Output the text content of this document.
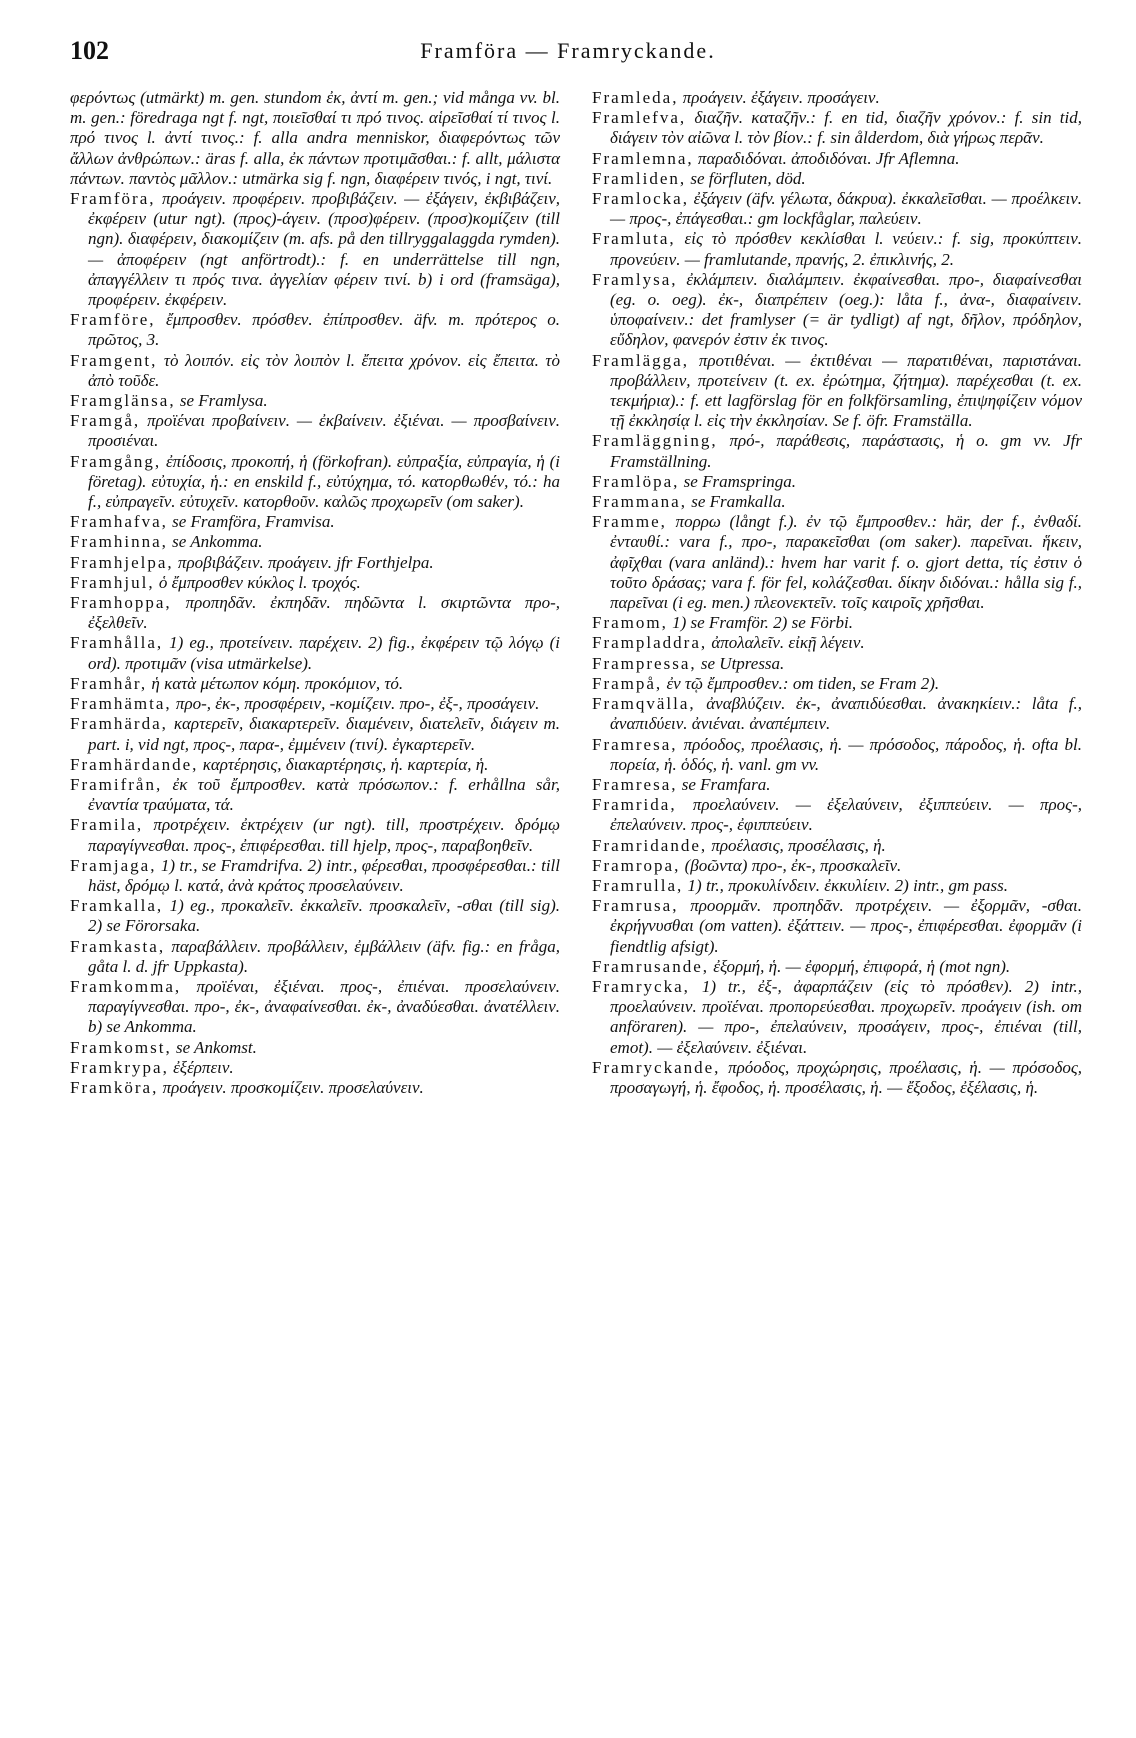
102	Framföra — Framryckande.

φερόντως (utmärkt) m. gen. stundom ἐκ, ἀντί m. gen.; vid många vv. bl. m. gen.: föredraga ngt f. ngt, ποιεῖσθαί τι πρό τινος. αἱρεῖσθαί τί τινος l. πρό τινος l. ἀντί τινος.: f. alla andra menniskor, διαφερόντως τῶν ἄλλων ἀνθρώπων.: äras f. alla, ἐκ πάντων προτιμᾶσθαι.: f. allt, μάλιστα πάντων. παντὸς μᾶλλον.: utmärka sig f. ngn, διαφέρειν τινός, i ngt, τινί.

Framföra, προάγειν. προφέρειν. προβιβάζειν. — ἐξάγειν, ἐκβιβάζειν, ἐκφέρειν (utur ngt). (προς)-άγειν. (προσ)φέρειν. (προσ)κομίζειν (till ngn). διαφέρειν, διακομίζειν (m. afs. på den tillryggalaggda rymden). — ἀποφέρειν (ngt anförtrodt).: f. en underrättelse till ngn, ἀπαγγέλλειν τι πρός τινα. ἀγγελίαν φέρειν τινί. b) i ord (framsäga), προφέρειν. ἐκφέρειν.

Framföre, ἔμπροσθεν. πρόσθεν. ἐπίπροσθεν. äfv. m. πρότερος o. πρῶτος, 3.

Framgent, τὸ λοιπόν. εἰς τὸν λοιπὸν l. ἔπειτα χρόνον. εἰς ἔπειτα. τὸ ἀπὸ τοῦδε.

Framglänsa, se Framlysa.

Framgå, προϊέναι προβαίνειν. — ἐκβαίνειν. ἐξιέναι. — προσβαίνειν. προσιέναι.

Framgång, ἐπίδοσις, προκοπή, ἡ (förkofran). εὐπραξία, εὐπραγία, ἡ (i företag). εὐτυχία, ἡ.: en enskild f., εὐτύχημα, τό. κατορθωθέν, τό.: ha f., εὐπραγεῖν. εὐτυχεῖν. κατορθοῦν. καλῶς προχωρεῖν (om saker).

Framhafva, se Framföra, Framvisa.

Framhinna, se Ankomma.

Framhjelpa, προβιβάζειν. προάγειν. jfr Forthjelpa.

Framhjul, ὁ ἔμπροσθεν κύκλος l. τροχός.

Framhoppa, προπηδᾶν. ἐκπηδᾶν. πηδῶντα l. σκιρτῶντα προ-, ἐξελθεῖν.

Framhålla, 1) eg., προτείνειν. παρέχειν. 2) fig., ἐκφέρειν τῷ λόγῳ (i ord). προτιμᾶν (visa utmärkelse).

Framhår, ἡ κατὰ μέτωπον κόμη. προκόμιον, τό.

Framhämta, προ-, ἐκ-, προσφέρειν, -κομίζειν. προ-, ἐξ-, προσάγειν.

Framhärda, καρτερεῖν, διακαρτερεῖν. διαμένειν, διατελεῖν, διάγειν m. part. i, vid ngt, προς-, παρα-, ἐμμένειν (τινί). ἐγκαρτερεῖν.

Framhärdande, καρτέρησις, διακαρτέρησις, ἡ. καρτερία, ἡ.

Framifrån, ἐκ τοῦ ἔμπροσθεν. κατὰ πρόσωπον.: f. erhållna sår, ἐναντία τραύματα, τά.

Framila, προτρέχειν. ἐκτρέχειν (ur ngt). till, προστρέχειν. δρόμῳ παραγίγνεσθαι. προς-, ἐπιφέρεσθαι. till hjelp, προς-, παραβοηθεῖν.

Framjaga, 1) tr., se Framdrifva. 2) intr., φέρεσθαι, προσφέρεσθαι.: till häst, δρόμῳ l. κατά, ἀνὰ κράτος προσελαύνειν.

Framkalla, 1) eg., προκαλεῖν. ἐκκαλεῖν. προσκαλεῖν, -σθαι (till sig). 2) se Förorsaka.

Framkasta, παραβάλλειν. προβάλλειν, ἐμβάλλειν (äfv. fig.: en fråga, gåta l. d. jfr Uppkasta).

Framkomma, προϊέναι, ἐξιέναι. προς-, ἐπιέναι. προσελαύνειν. παραγίγνεσθαι. προ-, ἐκ-, ἀναφαίνεσθαι. ἐκ-, ἀναδύεσθαι. ἀνατέλλειν. b) se Ankomma.

Framkomst, se Ankomst.

Framkrypa, ἐξέρπειν.

Framköra, προάγειν. προσκομίζειν. προσελαύνειν.

Framleda, προάγειν. ἐξάγειν. προσάγειν.

Framlefva, διαζῆν. καταζῆν.: f. en tid, διαζῆν χρόνον.: f. sin tid, διάγειν τὸν αἰῶνα l. τὸν βίον.: f. sin ålderdom, διὰ γήρως περᾶν.

Framlemna, παραδιδόναι. ἀποδιδόναι. Jfr Aflemna.

Framliden, se förfluten, död.

Framlocka, ἐξάγειν (äfv. γέλωτα, δάκρυα). ἐκκαλεῖσθαι. — προέλκειν. — προς-, ἐπάγεσθαι.: gm lockfåglar, παλεύειν.

Framluta, εἰς τὸ πρόσθεν κεκλίσθαι l. νεύειν.: f. sig, προκύπτειν. προνεύειν. — framlutande, πρανής, 2. ἐπικλινής, 2.

Framlysa, ἐκλάμπειν. διαλάμπειν. ἐκφαίνεσθαι. προ-, διαφαίνεσθαι (eg. o. oeg). ἐκ-, διαπρέπειν (oeg.): låta f., ἀνα-, διαφαίνειν. ὑποφαίνειν.: det framlyser (= är tydligt) af ngt, δῆλον, πρόδηλον, εὔδηλον, φανερόν ἐστιν ἐκ τινος.

Framlägga, προτιθέναι. — ἐκτιθέναι — παρατιθέναι, παριστάναι. προβάλλειν, προτείνειν (t. ex. ἐρώτημα, ζήτημα). παρέχεσθαι (t. ex. τεκμήρια).: f. ett lagförslag för en folkförsamling, ἐπιψηφίζειν νόμον τῇ ἐκκλησίᾳ l. εἰς τὴν ἐκκλησίαν. Se f. öfr. Framställa.

Framläggning, πρό-, παράθεσις, παράστασις, ἡ o. gm vv. Jfr Framställning.

Framlöpa, se Framspringa.

Frammana, se Framkalla.

Framme, πορρω (långt f.). ἐν τῷ ἔμπροσθεν.: här, der f., ἐνθαδί. ἐνταυθί.: vara f., προ-, παρακεῖσθαι (om saker). παρεῖναι. ἥκειν, ἀφῖχθαι (vara anländ).: hvem har varit f. o. gjort detta, τίς ἐστιν ὁ τοῦτο δράσας; vara f. för fel, κολάζεσθαι. δίκην διδόναι.: hålla sig f., παρεῖναι (i eg. men.) πλεονεκτεῖν. τοῖς καιροῖς χρῆσθαι.

Framom, 1) se Framför. 2) se Förbi.

Frampladdra, ἀπολαλεῖν. εἰκῇ λέγειν.

Frampressa, se Utpressa.

Frampå, ἐν τῷ ἔμπροσθεν.: om tiden, se Fram 2).

Framqvälla, ἀναβλύζειν. ἐκ-, ἀναπιδύεσθαι. ἀνακηκίειν.: låta f., ἀναπιδύειν. ἀνιέναι. ἀναπέμπειν.

Framresa, πρόοδος, προέλασις, ἡ. — πρόσοδος, πάροδος, ἡ. ofta bl. πορεία, ἡ. ὁδός, ἡ. vanl. gm vv.

Framresa, se Framfara.

Framrida, προελαύνειν. — ἐξελαύνειν, ἐξιππεύειν. — προς-, ἐπελαύνειν. προς-, ἐφιππεύειν.

Framridande, προέλασις, προσέλασις, ἡ.

Framropa, (βοῶντα) προ-, ἐκ-, προσκαλεῖν.

Framrulla, 1) tr., προκυλίνδειν. ἐκκυλίειν. 2) intr., gm pass.

Framrusa, προορμᾶν. προπηδᾶν. προτρέχειν. — ἐξορμᾶν, -σθαι. ἐκρήγνυσθαι (om vatten). ἐξάττειν. — προς-, ἐπιφέρεσθαι. ἐφορμᾶν (i fiendtlig afsigt).

Framrusande, ἐξορμή, ἡ. — ἐφορμή, ἐπιφορά, ἡ (mot ngn).

Framrycka, 1) tr., ἐξ-, ἀφαρπάζειν (εἰς τὸ πρόσθεν). 2) intr., προελαύνειν. προϊέναι. προπορεύεσθαι. προχωρεῖν. προάγειν (ish. om anföraren). — προ-, ἐπελαύνειν, προσάγειν, προς-, ἐπιέναι (till, emot). — ἐξελαύνειν. ἐξιέναι.

Framryckande, πρόοδος, προχώρησις, προέλασις, ἡ. — πρόσοδος, προσαγωγή, ἡ. ἔφοδος, ἡ. προσέλασις, ἡ. — ἔξοδος, ἐξέλασις, ἡ.
